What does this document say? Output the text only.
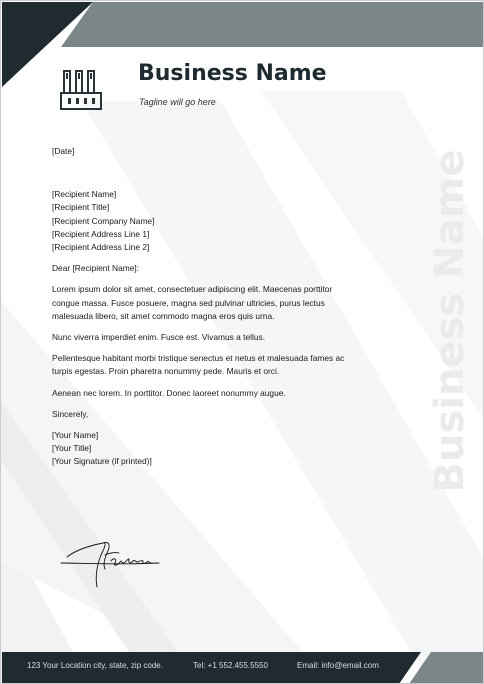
Business Name
Tagline will go here
Business Name
[Date]
[Recipient Name]
[Recipient Title]
[Recipient Company Name]
[Recipient Address Line 1]
[Recipient Address Line 2]
Dear [Recipient Name]:
Lorem ipsum dolor sit amet, consectetuer adipiscing elit. Maecenas porttitor
congue massa. Fusce posuere, magna sed pulvinar ultricies, purus lectus
malesuada libero, sit amet commodo magna eros quis urna.
Nunc viverra imperdiet enim. Fusce est. Vivamus a tellus.
Pellentesque habitant morbi tristique senectus et netus et malesuada fames ac
turpis egestas. Proin pharetra nonummy pede. Mauris et orci.
Aenean nec lorem. In porttitor. Donec laoreet nonummy augue.
Sincerely,
[Your Name]
[Your Title]
[Your Signature (if printed)]
123 Your Location city, state, zip code.	Tel: +1 552.455.5550	Email: info@email.com
